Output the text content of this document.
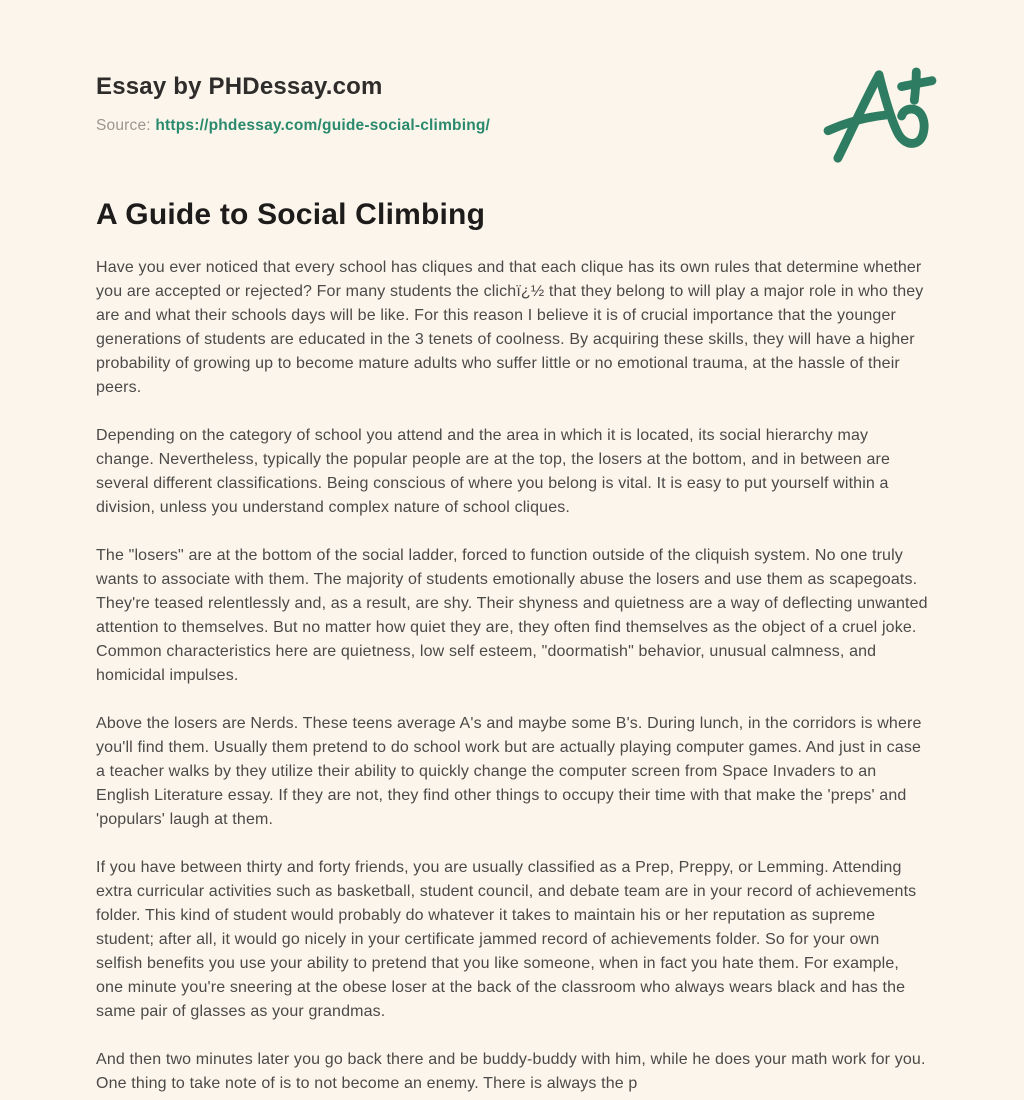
Essay by PHDessay.com
Source: https://phdessay.com/guide-social-climbing/
A Guide to Social Climbing

Have you ever noticed that every school has cliques and that each clique has its own rules that determine whether you are accepted or rejected? For many students the clichï¿½ that they belong to will play a major role in who they are and what their schools days will be like. For this reason I believe it is of crucial importance that the younger generations of students are educated in the 3 tenets of coolness. By acquiring these skills, they will have a higher probability of growing up to become mature adults who suffer little or no emotional trauma, at the hassle of their peers.

Depending on the category of school you attend and the area in which it is located, its social hierarchy may change. Nevertheless, typically the popular people are at the top, the losers at the bottom, and in between are several different classifications. Being conscious of where you belong is vital. It is easy to put yourself within a division, unless you understand complex nature of school cliques.

The "losers" are at the bottom of the social ladder, forced to function outside of the cliquish system. No one truly wants to associate with them. The majority of students emotionally abuse the losers and use them as scapegoats. They're teased relentlessly and, as a result, are shy. Their shyness and quietness are a way of deflecting unwanted attention to themselves. But no matter how quiet they are, they often find themselves as the object of a cruel joke. Common characteristics here are quietness, low self esteem, "doormatish" behavior, unusual calmness, and homicidal impulses.

Above the losers are Nerds. These teens average A's and maybe some B's. During lunch, in the corridors is where you'll find them. Usually them pretend to do school work but are actually playing computer games. And just in case a teacher walks by they utilize their ability to quickly change the computer screen from Space Invaders to an English Literature essay. If they are not, they find other things to occupy their time with that make the 'preps' and 'populars' laugh at them.

If you have between thirty and forty friends, you are usually classified as a Prep, Preppy, or Lemming. Attending extra curricular activities such as basketball, student council, and debate team are in your record of achievements folder. This kind of student would probably do whatever it takes to maintain his or her reputation as supreme student; after all, it would go nicely in your certificate jammed record of achievements folder. So for your own selfish benefits you use your ability to pretend that you like someone, when in fact you hate them. For example, one minute you're sneering at the obese loser at the back of the classroom who always wears black and has the same pair of glasses as your grandmas.

And then two minutes later you go back there and be buddy-buddy with him, while he does your math work for you. One thing to take note of is to not become an enemy. There is always the p
